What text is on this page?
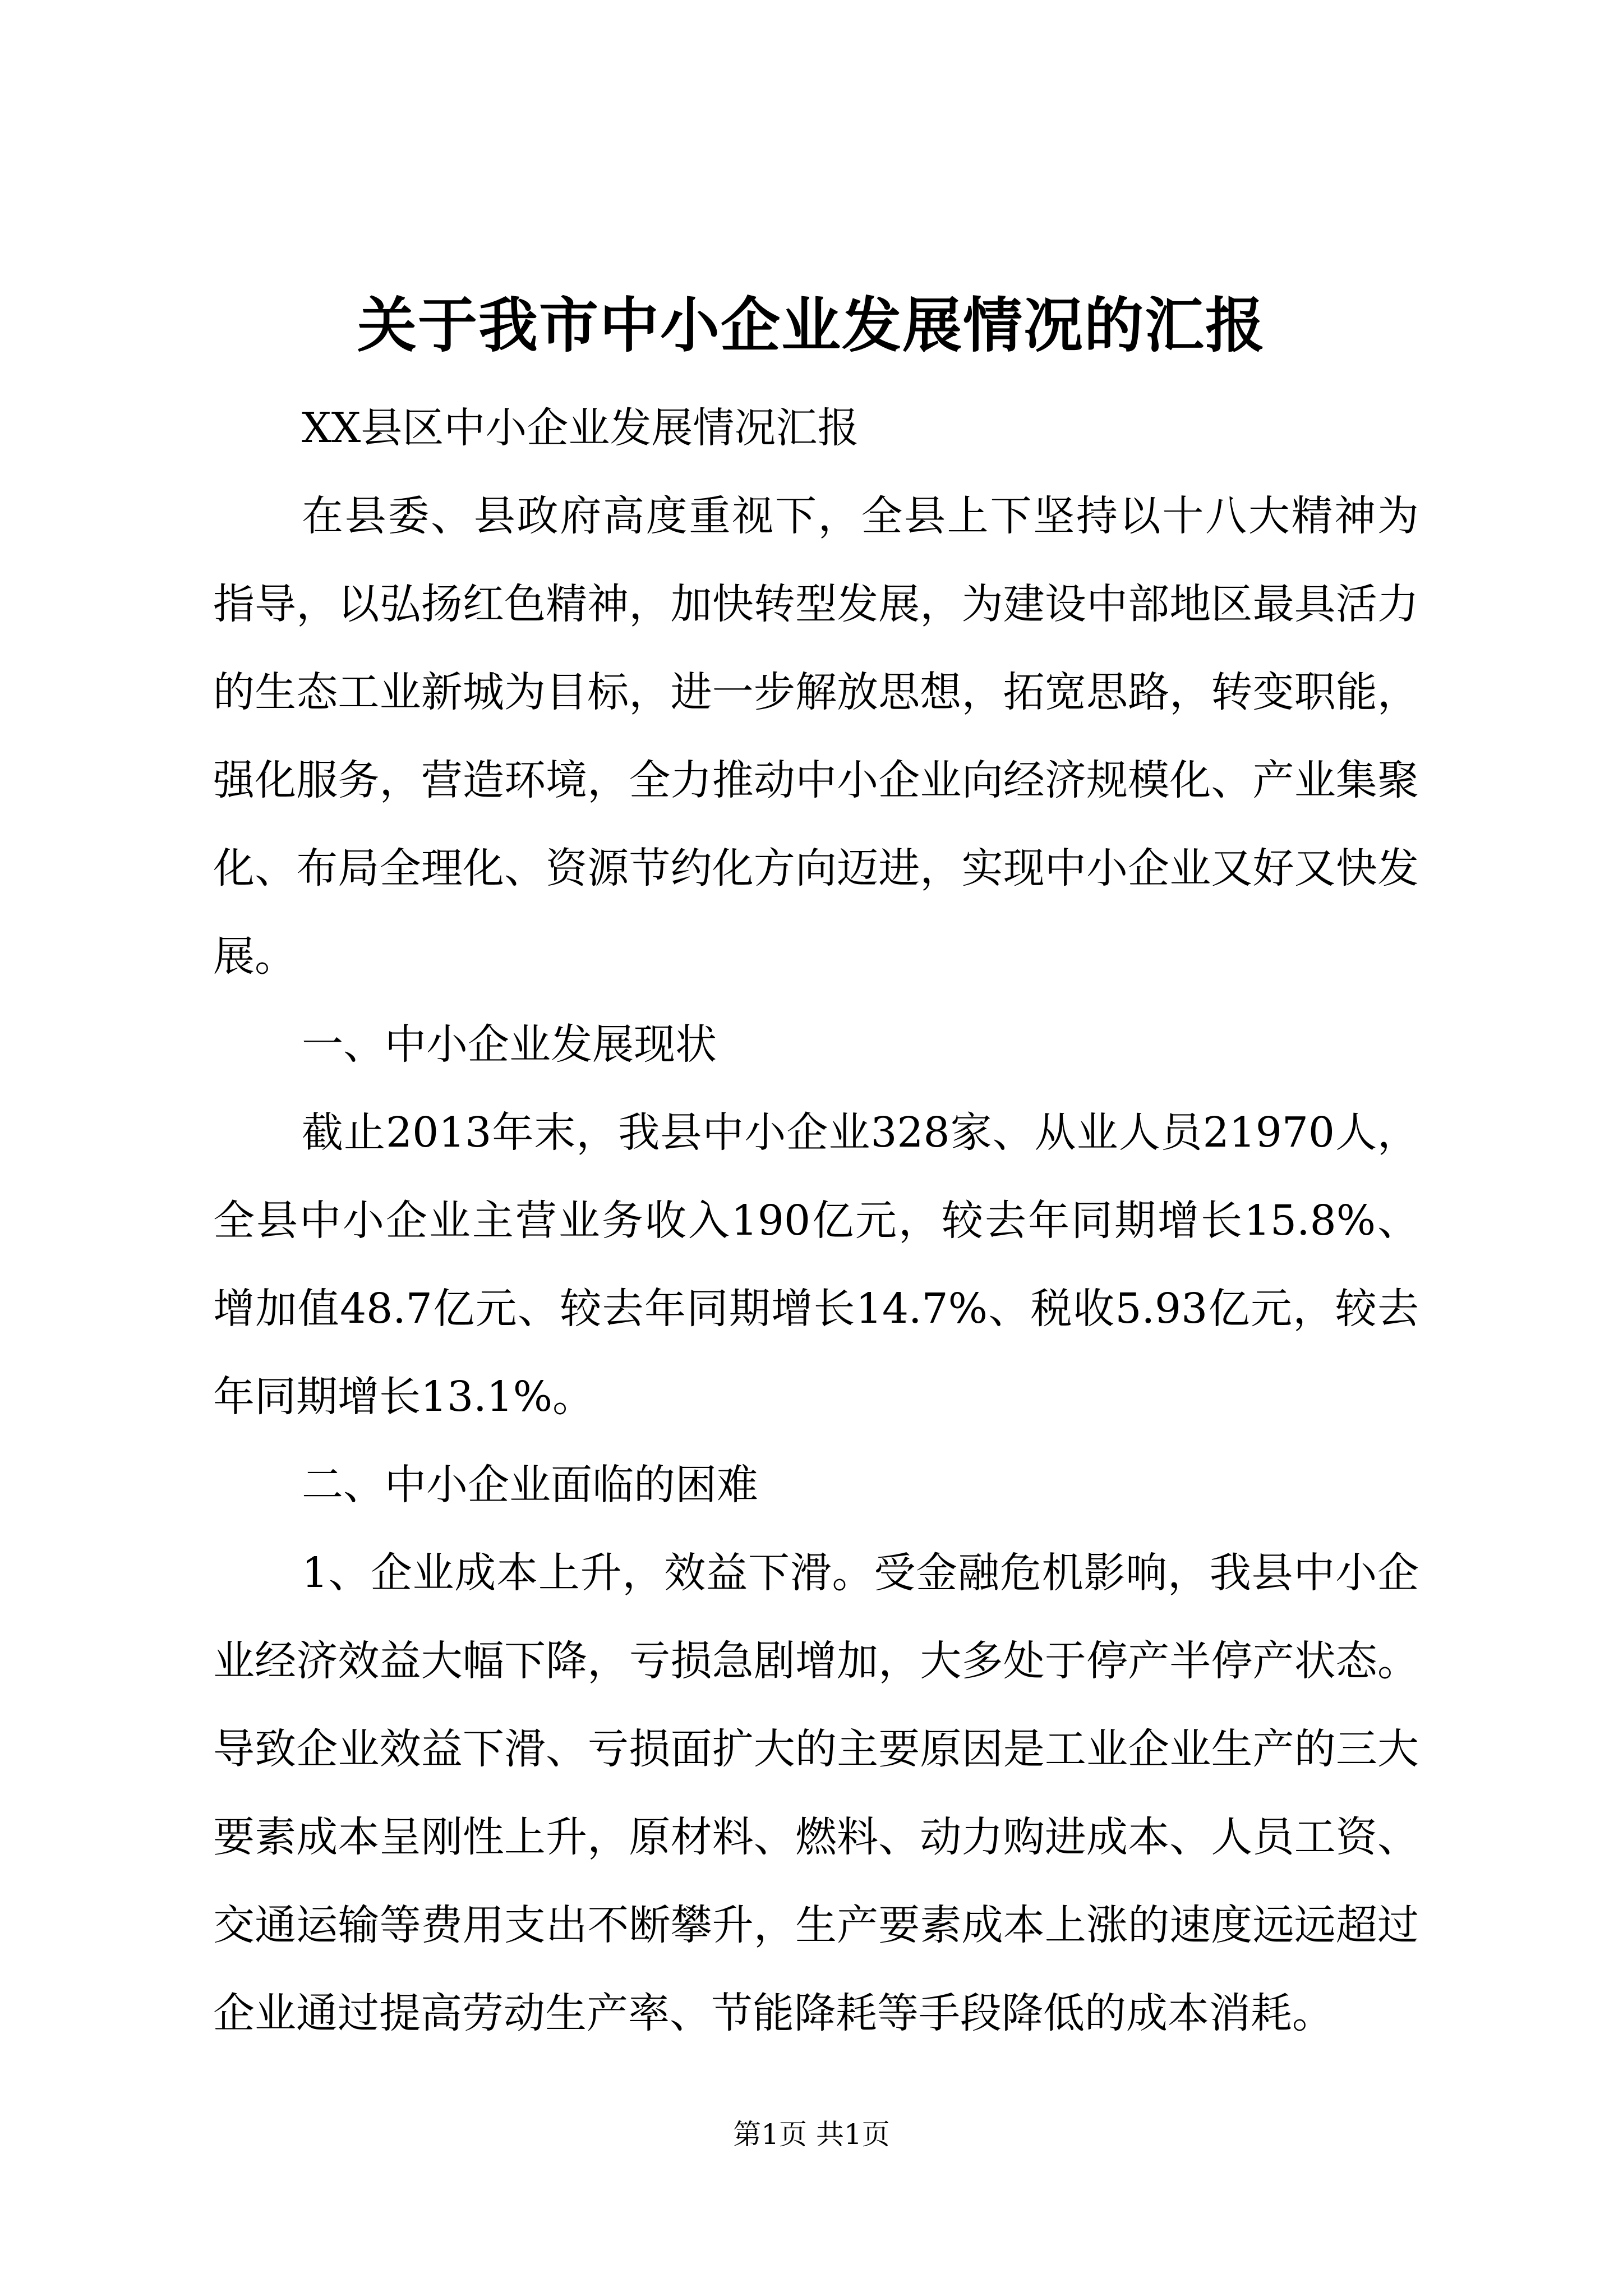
关于我市中小企业发展情况的汇报

XX县区中小企业发展情况汇报

在县委、县政府高度重视下，全县上下坚持以十八大精神为指导，以弘扬红色精神，加快转型发展，为建设中部地区最具活力的生态工业新城为目标，进一步解放思想，拓宽思路，转变职能，强化服务，营造环境，全力推动中小企业向经济规模化、产业集聚化、布局全理化、资源节约化方向迈进，实现中小企业又好又快发展。

一、中小企业发展现状

截止2013年末，我县中小企业328家、从业人员21970人，全县中小企业主营业务收入190亿元，较去年同期增长15.8%、增加值48.7亿元、较去年同期增长14.7%、税收5.93亿元，较去年同期增长13.1%。

二、中小企业面临的困难

1、企业成本上升，效益下滑。受金融危机影响，我县中小企业经济效益大幅下降，亏损急剧增加，大多处于停产半停产状态。导致企业效益下滑、亏损面扩大的主要原因是工业企业生产的三大要素成本呈刚性上升，原材料、燃料、动力购进成本、人员工资、交通运输等费用支出不断攀升，生产要素成本上涨的速度远远超过企业通过提高劳动生产率、节能降耗等手段降低的成本消耗。

第1页 共1页
